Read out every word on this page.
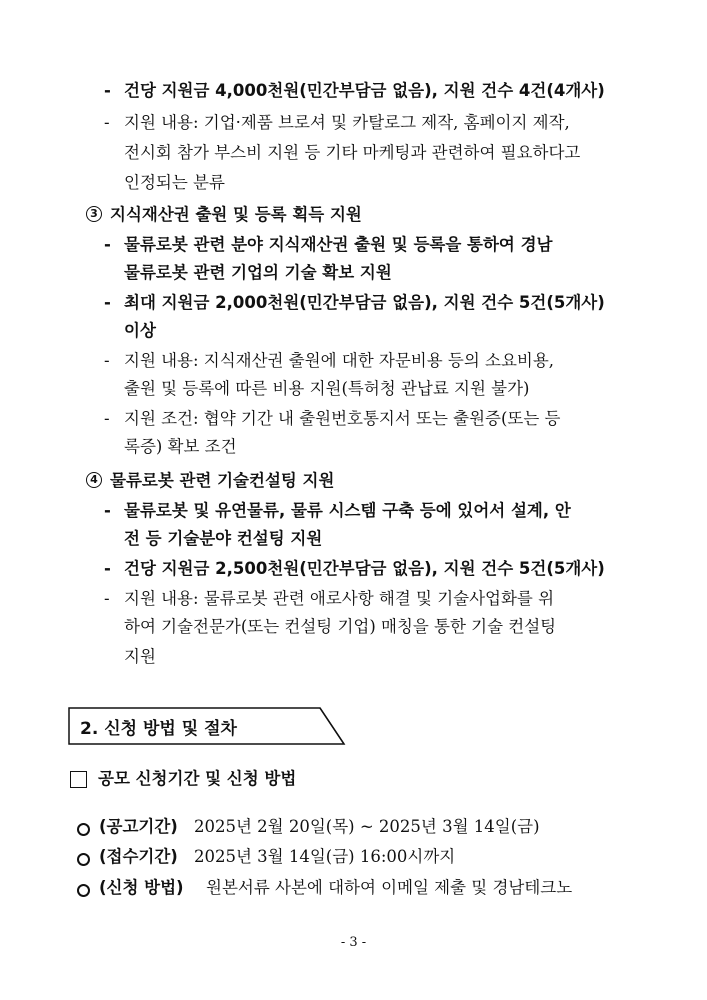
- 건당 지원금 4,000천원(민간부담금 없음), 지원 건수 4건(4개사)
- 지원 내용: 기업·제품 브로셔 및 카탈로그 제작, 홈페이지 제작,
전시회 참가 부스비 지원 등 기타 마케팅과 관련하여 필요하다고
인정되는 분류
3 지식재산권 출원 및 등록 획득 지원
- 물류로봇 관련 분야 지식재산권 출원 및 등록을 통하여 경남
물류로봇 관련 기업의 기술 확보 지원
- 최대 지원금 2,000천원(민간부담금 없음), 지원 건수 5건(5개사)
이상
- 지원 내용: 지식재산권 출원에 대한 자문비용 등의 소요비용,
출원 및 등록에 따른 비용 지원(특허청 관납료 지원 불가)
- 지원 조건: 협약 기간 내 출원번호통지서 또는 출원증(또는 등
록증) 확보 조건
4 물류로봇 관련 기술컨설팅 지원
- 물류로봇 및 유연물류, 물류 시스템 구축 등에 있어서 설계, 안
전 등 기술분야 컨설팅 지원
- 건당 지원금 2,500천원(민간부담금 없음), 지원 건수 5건(5개사)
- 지원 내용: 물류로봇 관련 애로사항 해결 및 기술사업화를 위
하여 기술전문가(또는 컨설팅 기업) 매칭을 통한 기술 컨설팅
지원
2. 신청 방법 및 절차
공모 신청기간 및 신청 방법
(공고기간) 2025년 2월 20일(목) ~ 2025년 3월 14일(금)
(접수기간) 2025년 3월 14일(금) 16:00시까지
(신청 방법) 원본서류 사본에 대하여 이메일 제출 및 경남테크노
- 3 -
